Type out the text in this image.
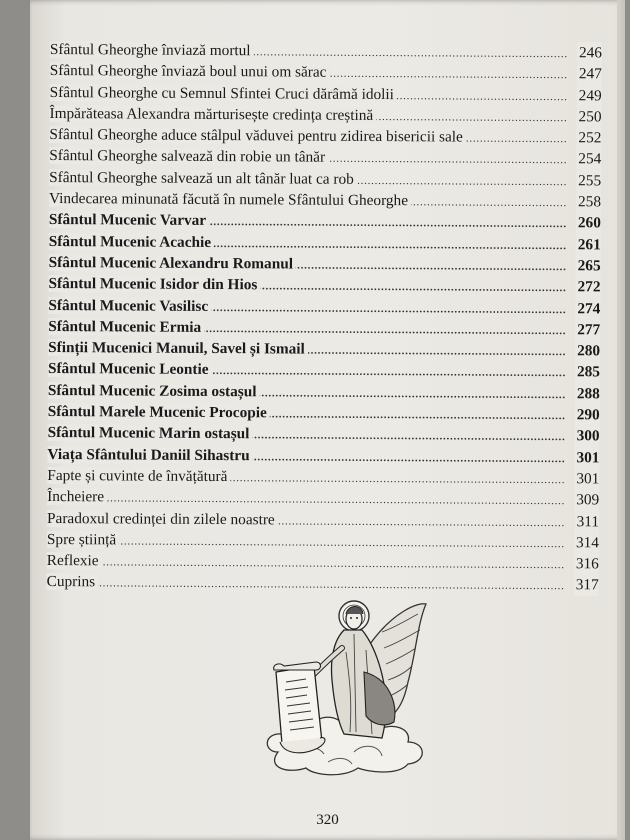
. . .
Sfântul Gheorghe înviază mortul	246
. . .
Sfântul Gheorghe înviază boul unui om sărac	247
. . .
Sfântul Gheorghe cu Semnul Sfintei Cruci dărâmă idolii	249
. . .
Împărăteasa Alexandra mărturisește credința creștină	250
. . .
Sfântul Gheorghe aduce stâlpul văduvei pentru zidirea bisericii sale	252
. . .
Sfântul Gheorghe salvează din robie un tânăr	254
. . .
Sfântul Gheorghe salvează un alt tânăr luat ca rob	255
. . .
Vindecarea minunată făcută în numele Sfântului Gheorghe	258
. . .
Sfântul Mucenic Varvar	260
. . .
Sfântul Mucenic Acachie	261
. . .
Sfântul Mucenic Alexandru Romanul	265
. . .
Sfântul Mucenic Isidor din Hios	272
. . .
Sfântul Mucenic Vasilisc	274
. . .
Sfântul Mucenic Ermia	277
. . .
Sfinții Mucenici Manuil, Savel și Ismail	280
. . .
Sfântul Mucenic Leontie	285
. . .
Sfântul Mucenic Zosima ostașul	288
. . .
Sfântul Marele Mucenic Procopie	290
. . .
Sfântul Mucenic Marin ostașul	300
. . .
Viața Sfântului Daniil Sihastru	301
. . .
Fapte și cuvinte de învățătură	301
. . .
Încheiere	309
. . .
Paradoxul credinței din zilele noastre	311
. . .
Spre știință	314
. . .
Reflexie	316
. . .
Cuprins	317
320
